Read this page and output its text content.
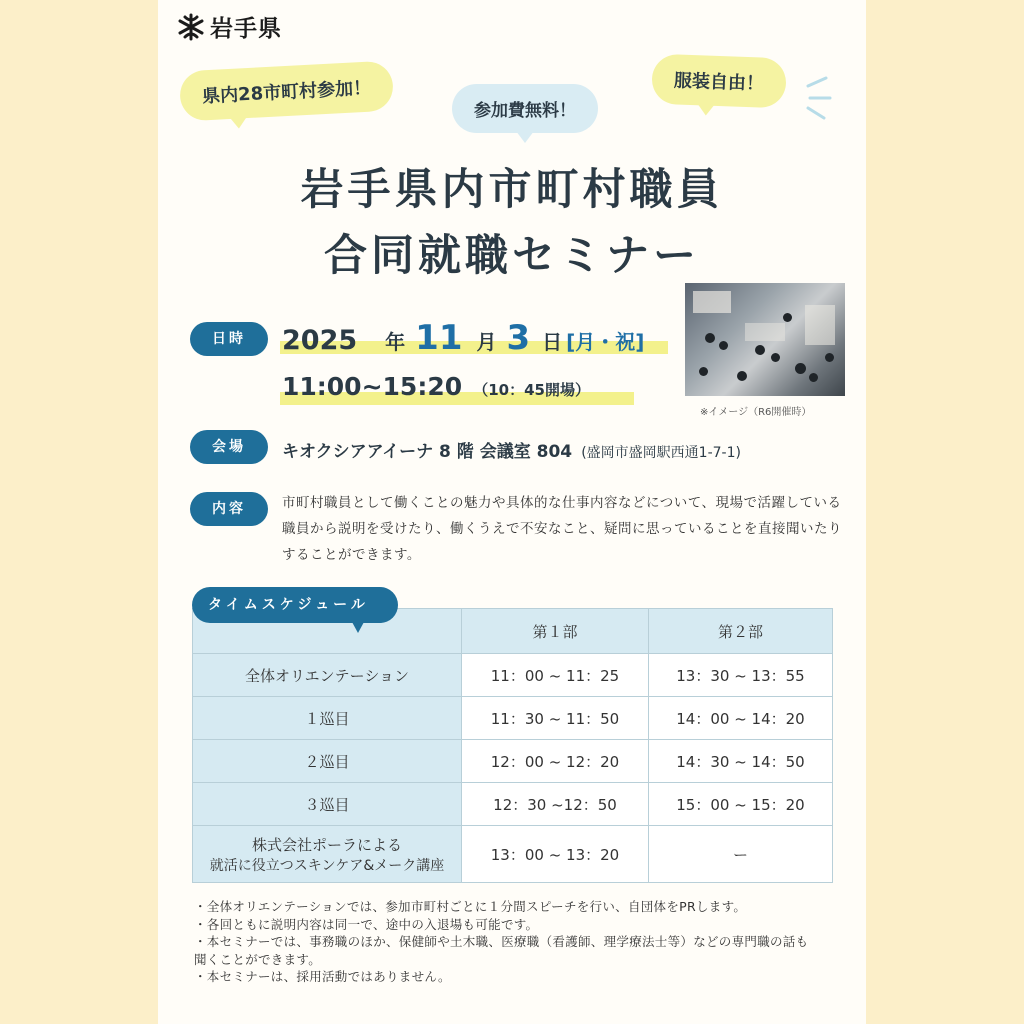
岩手県
県内28市町村参加！
参加費無料！
服装自由！
岩手県内市町村職員
合同就職セミナー
※イメージ（R6開催時）
日時	2025 年 11 月 3 日 [月・祝]
11:00~15:20 （10：45開場）
会場	キオクシアアイーナ 8 階 会議室 804 (盛岡市盛岡駅西通1-7-1)
内容	市町村職員として働くことの魅力や具体的な仕事内容などについて、現場で活躍している職員から説明を受けたり、働くうえで不安なこと、疑問に思っていることを直接聞いたりすることができます。
タイムスケジュール
	第１部	第２部
全体オリエンテーション	11：00 ~ 11：25	13：30 ~ 13：55
１巡目	11：30 ~ 11：50	14：00 ~ 14：20
２巡目	12：00 ~ 12：20	14：30 ~ 14：50
３巡目	12：30 ~12：50	15：00 ~ 15：20
株式会社ポーラによる
就活に役立つスキンケア&メーク講座	13：00 ~ 13：20	ー

・全体オリエンテーションでは、参加市町村ごとに１分間スピーチを行い、自団体をPRします。

・各回ともに説明内容は同一で、途中の入退場も可能です。

・本セミナーでは、事務職のほか、保健師や土木職、医療職（看護師、理学療法士等）などの専門職の話も聞くことができます。

・本セミナーは、採用活動ではありません。
